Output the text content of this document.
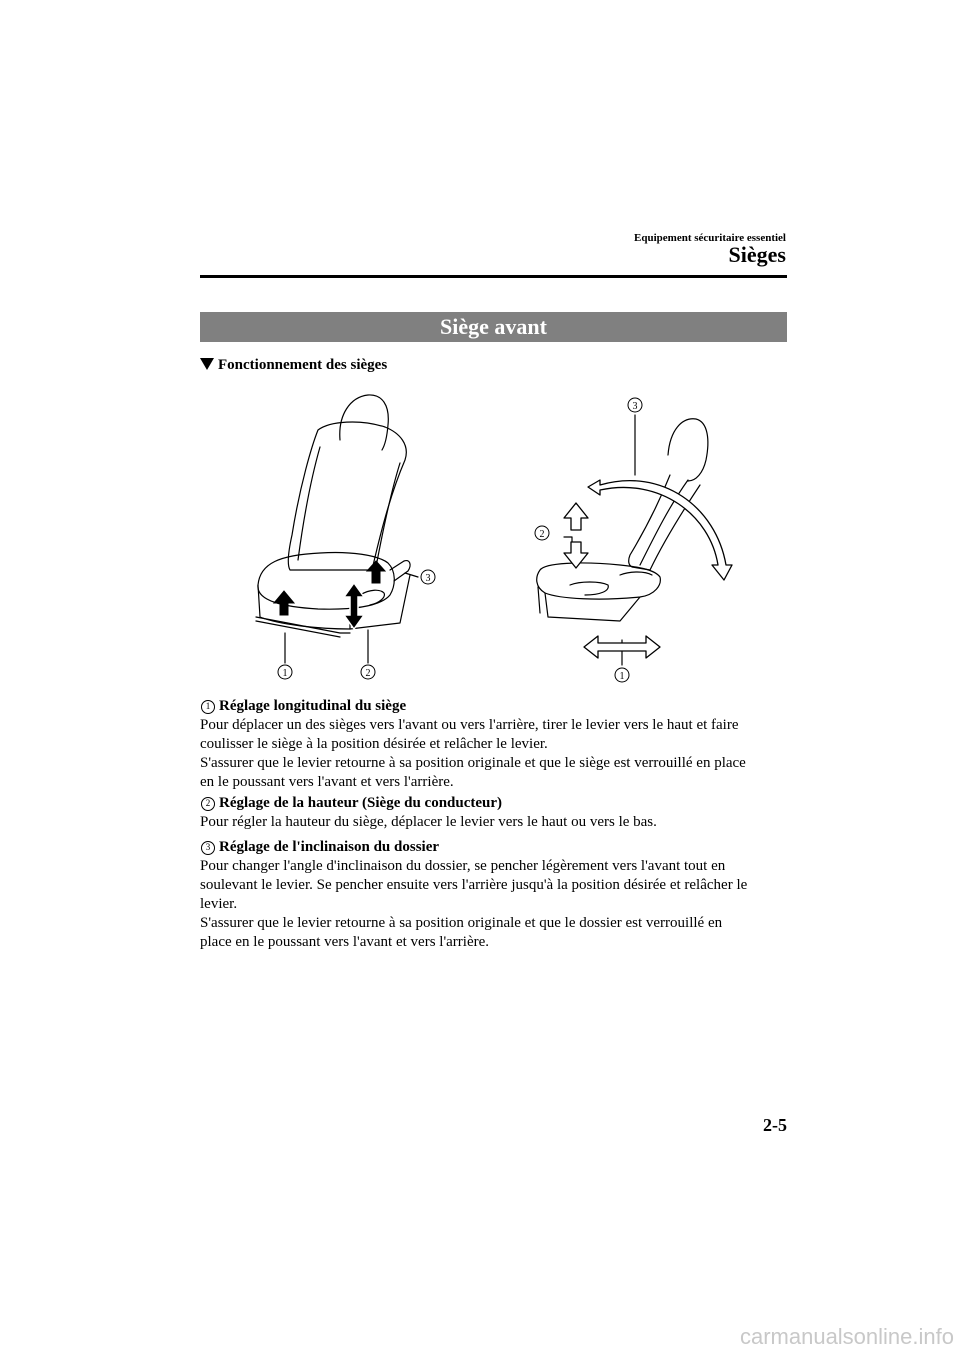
Equipement sécuritaire essentiel
Sièges
Siège avant
Fonctionnement des sièges
3
1	2
3
2
1
1 Réglage longitudinal du siège

Pour déplacer un des sièges vers l'avant ou vers l'arrière, tirer le levier vers le haut et faire

coulisser le siège à la position désirée et relâcher le levier.

S'assurer que le levier retourne à sa position originale et que le siège est verrouillé en place

en le poussant vers l'avant et vers l'arrière.

2 Réglage de la hauteur (Siège du conducteur)

Pour régler la hauteur du siège, déplacer le levier vers le haut ou vers le bas.

3 Réglage de l'inclinaison du dossier

Pour changer l'angle d'inclinaison du dossier, se pencher légèrement vers l'avant tout en

soulevant le levier. Se pencher ensuite vers l'arrière jusqu'à la position désirée et relâcher le

levier.

S'assurer que le levier retourne à sa position originale et que le dossier est verrouillé en

place en le poussant vers l'avant et vers l'arrière.

2-5
carmanualsonline.info
